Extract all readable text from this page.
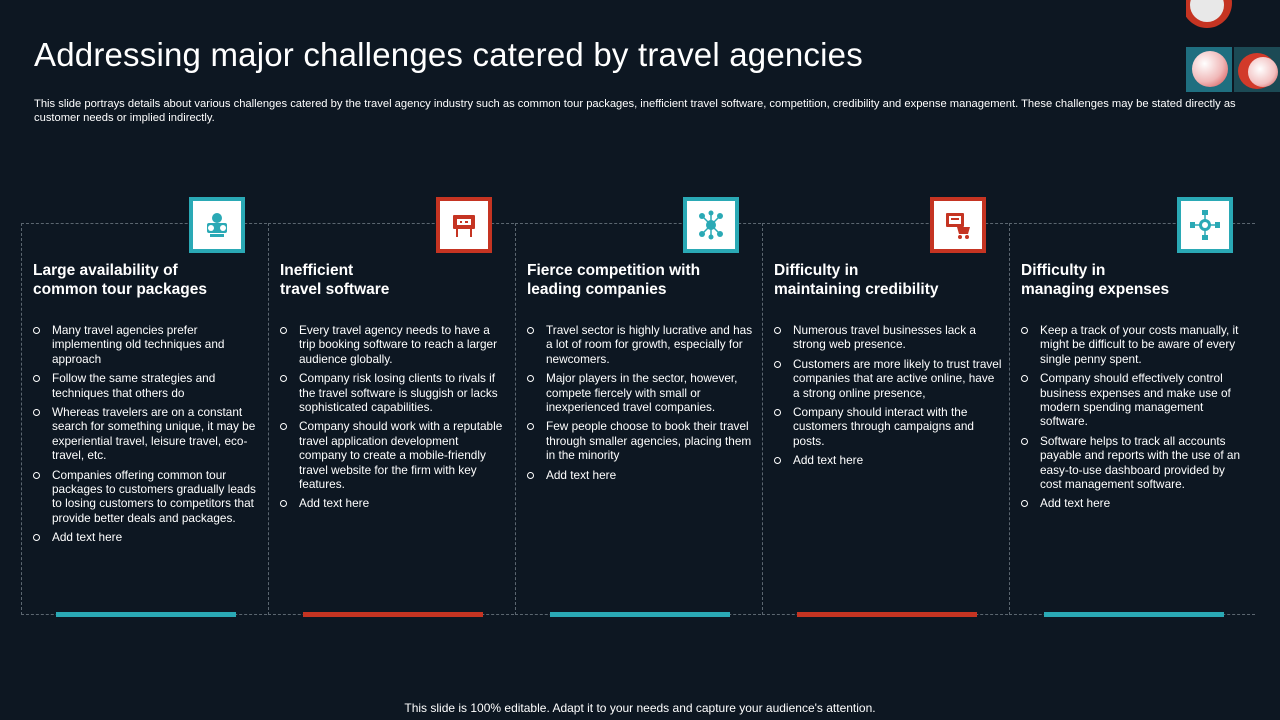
Addressing major challenges catered by travel agencies
This slide portrays details about various challenges catered by the travel agency industry such as common tour packages, inefficient travel software, competition, credibility and expense management. These challenges may be stated directly as customer needs or implied indirectly.
Large availability of
common tour packages
Many travel agencies prefer implementing old techniques and approach
Follow the same strategies and techniques that others do
Whereas travelers are on a constant search for something unique, it may be experiential travel, leisure travel, eco-travel, etc.
Companies offering common tour packages to customers gradually leads to losing customers to competitors that provide better deals and packages.
Add text here
Inefficient
travel software
Every travel agency needs to have a trip booking software to reach a larger audience globally.
Company risk losing clients to rivals if the travel software is sluggish or lacks sophisticated capabilities.
Company should work with a reputable travel application development company to create a mobile-friendly travel website for the firm with key features.
Add text here
Fierce competition with
leading companies
Travel sector is highly lucrative and has a lot of room for growth, especially for newcomers.
Major players in the sector, however, compete fiercely with small or inexperienced travel companies.
Few people choose to book their travel through smaller agencies, placing them in the minority
Add text here
Difficulty in
maintaining credibility
Numerous travel businesses lack a strong web presence.
Customers are more likely to trust travel companies that are active online, have a strong online presence,
Company should interact with the customers through campaigns and posts.
Add text here
Difficulty in
managing expenses
Keep a track of your costs manually, it might be difficult to be aware of every single penny spent.
Company should effectively control business expenses and make use of modern spending management software.
Software helps to track all accounts payable and reports with the use of an easy-to-use dashboard provided by cost management software.
Add text here
This slide is 100% editable. Adapt it to your needs and capture your audience's attention.
